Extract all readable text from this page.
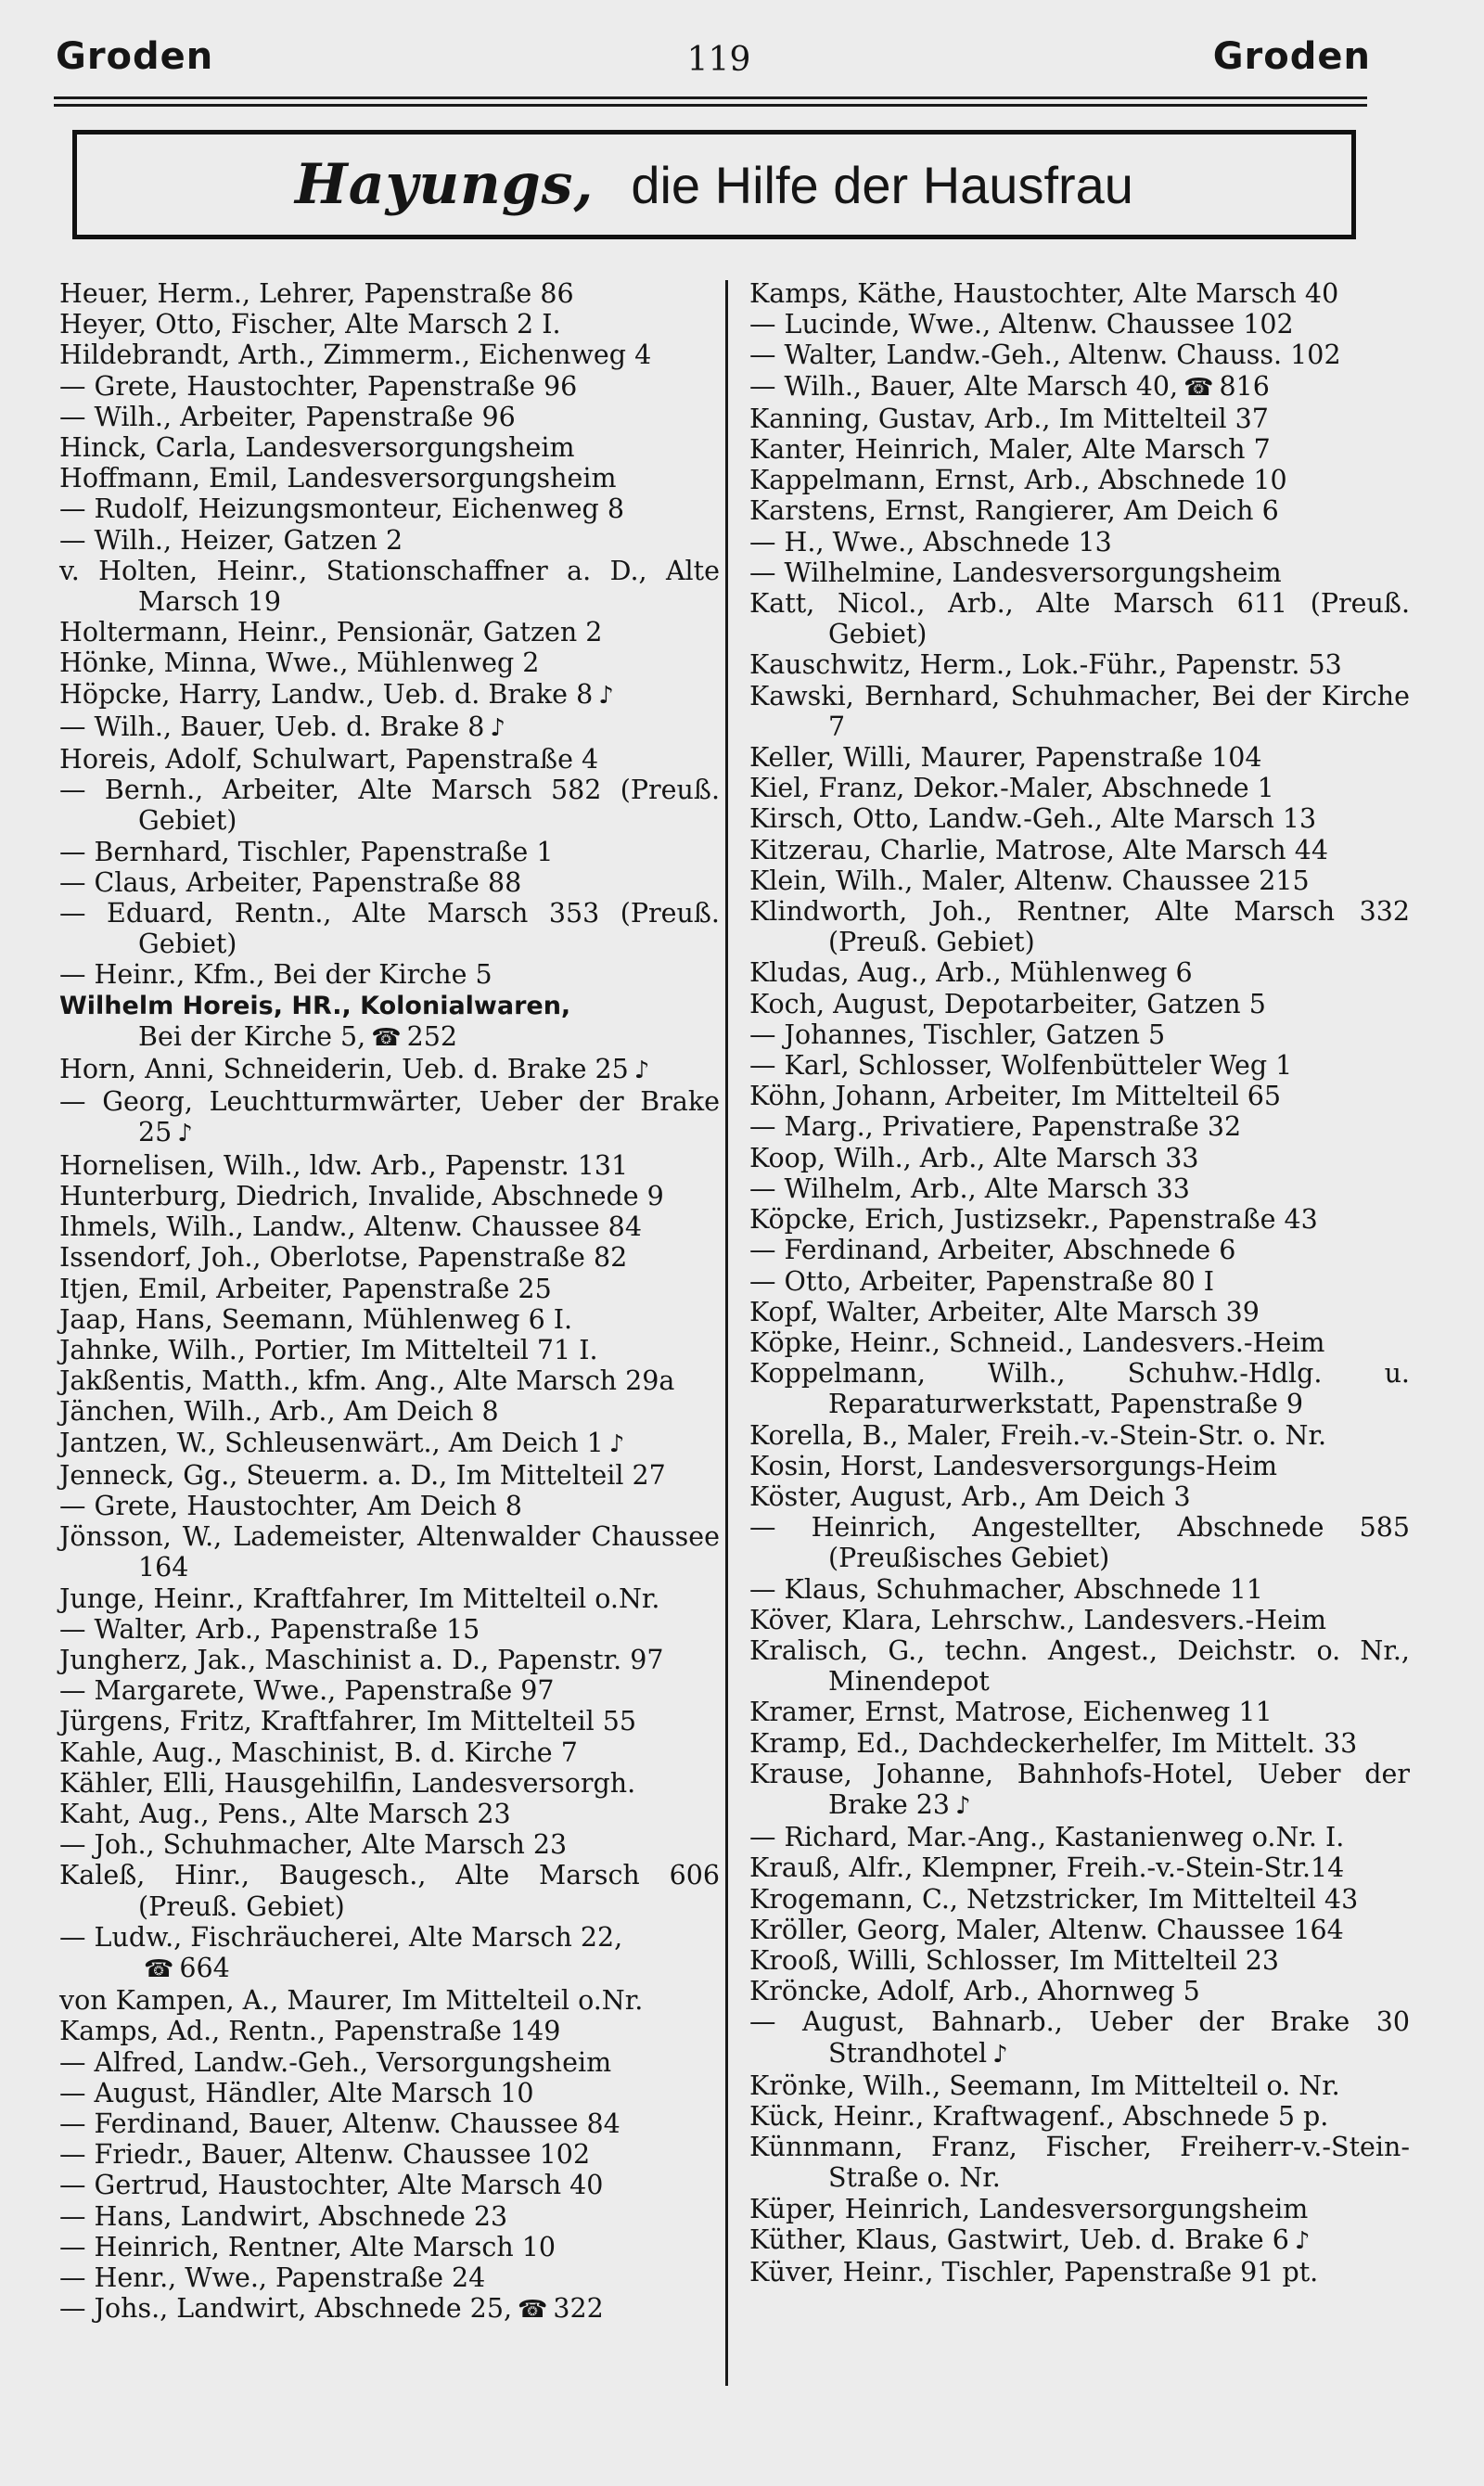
Groden	119	Groden
Hayungs, die Hilfe der Hausfrau
Heuer, Herm., Lehrer, Papenstraße 86
Heyer, Otto, Fischer, Alte Marsch 2 I.
Hildebrandt, Arth., Zimmerm., Eichenweg 4
— Grete, Haustochter, Papenstraße 96
— Wilh., Arbeiter, Papenstraße 96
Hinck, Carla, Landesversorgungsheim
Hoffmann, Emil, Landesversorgungsheim
— Rudolf, Heizungsmonteur, Eichenweg 8
— Wilh., Heizer, Gatzen 2
v. Holten, Heinr., Stationschaffner a. D., Alte Marsch 19
Holtermann, Heinr., Pensionär, Gatzen 2
Hönke, Minna, Wwe., Mühlenweg 2
Höpcke, Harry, Landw., Ueb. d. Brake 8 ♪
— Wilh., Bauer, Ueb. d. Brake 8 ♪
Horeis, Adolf, Schulwart, Papenstraße 4
— Bernh., Arbeiter, Alte Marsch 582 (Preuß. Gebiet)
— Bernhard, Tischler, Papenstraße 1
— Claus, Arbeiter, Papenstraße 88
— Eduard, Rentn., Alte Marsch 353 (Preuß. Gebiet)
— Heinr., Kfm., Bei der Kirche 5
Wilhelm Horeis, HR., Kolonialwaren,
Bei der Kirche 5, ☎ 252
Horn, Anni, Schneiderin, Ueb. d. Brake 25 ♪
— Georg, Leuchtturmwärter, Ueber der Brake 25 ♪
Hornelisen, Wilh., ldw. Arb., Papenstr. 131
Hunterburg, Diedrich, Invalide, Abschnede 9
Ihmels, Wilh., Landw., Altenw. Chaussee 84
Issendorf, Joh., Oberlotse, Papenstraße 82
Itjen, Emil, Arbeiter, Papenstraße 25
Jaap, Hans, Seemann, Mühlenweg 6 I.
Jahnke, Wilh., Portier, Im Mittelteil 71 I.
Jakßentis, Matth., kfm. Ang., Alte Marsch 29a
Jänchen, Wilh., Arb., Am Deich 8
Jantzen, W., Schleusenwärt., Am Deich 1 ♪
Jenneck, Gg., Steuerm. a. D., Im Mittelteil 27
— Grete, Haustochter, Am Deich 8
Jönsson, W., Lademeister, Altenwalder Chaussee 164
Junge, Heinr., Kraftfahrer, Im Mittelteil o.Nr.
— Walter, Arb., Papenstraße 15
Jungherz, Jak., Maschinist a. D., Papenstr. 97
— Margarete, Wwe., Papenstraße 97
Jürgens, Fritz, Kraftfahrer, Im Mittelteil 55
Kahle, Aug., Maschinist, B. d. Kirche 7
Kähler, Elli, Hausgehilfin, Landesversorgh.
Kaht, Aug., Pens., Alte Marsch 23
— Joh., Schuhmacher, Alte Marsch 23
Kaleß, Hinr., Baugesch., Alte Marsch 606 (Preuß. Gebiet)
— Ludw., Fischräucherei, Alte Marsch 22,
☎ 664
von Kampen, A., Maurer, Im Mittelteil o.Nr.
Kamps, Ad., Rentn., Papenstraße 149
— Alfred, Landw.-Geh., Versorgungsheim
— August, Händler, Alte Marsch 10
— Ferdinand, Bauer, Altenw. Chaussee 84
— Friedr., Bauer, Altenw. Chaussee 102
— Gertrud, Haustochter, Alte Marsch 40
— Hans, Landwirt, Abschnede 23
— Heinrich, Rentner, Alte Marsch 10
— Henr., Wwe., Papenstraße 24
— Johs., Landwirt, Abschnede 25, ☎ 322
Kamps, Käthe, Haustochter, Alte Marsch 40
— Lucinde, Wwe., Altenw. Chaussee 102
— Walter, Landw.-Geh., Altenw. Chauss. 102
— Wilh., Bauer, Alte Marsch 40, ☎ 816
Kanning, Gustav, Arb., Im Mittelteil 37
Kanter, Heinrich, Maler, Alte Marsch 7
Kappelmann, Ernst, Arb., Abschnede 10
Karstens, Ernst, Rangierer, Am Deich 6
— H., Wwe., Abschnede 13
— Wilhelmine, Landesversorgungsheim
Katt, Nicol., Arb., Alte Marsch 611 (Preuß. Gebiet)
Kauschwitz, Herm., Lok.-Führ., Papenstr. 53
Kawski, Bernhard, Schuhmacher, Bei der Kirche 7
Keller, Willi, Maurer, Papenstraße 104
Kiel, Franz, Dekor.-Maler, Abschnede 1
Kirsch, Otto, Landw.-Geh., Alte Marsch 13
Kitzerau, Charlie, Matrose, Alte Marsch 44
Klein, Wilh., Maler, Altenw. Chaussee 215
Klindworth, Joh., Rentner, Alte Marsch 332 (Preuß. Gebiet)
Kludas, Aug., Arb., Mühlenweg 6
Koch, August, Depotarbeiter, Gatzen 5
— Johannes, Tischler, Gatzen 5
— Karl, Schlosser, Wolfenbütteler Weg 1
Köhn, Johann, Arbeiter, Im Mittelteil 65
— Marg., Privatiere, Papenstraße 32
Koop, Wilh., Arb., Alte Marsch 33
— Wilhelm, Arb., Alte Marsch 33
Köpcke, Erich, Justizsekr., Papenstraße 43
— Ferdinand, Arbeiter, Abschnede 6
— Otto, Arbeiter, Papenstraße 80 I
Kopf, Walter, Arbeiter, Alte Marsch 39
Köpke, Heinr., Schneid., Landesvers.-Heim
Koppelmann, Wilh., Schuhw.-Hdlg. u. Reparaturwerkstatt, Papenstraße 9
Korella, B., Maler, Freih.-v.-Stein-Str. o. Nr.
Kosin, Horst, Landesversorgungs-Heim
Köster, August, Arb., Am Deich 3
— Heinrich, Angestellter, Abschnede 585 (Preußisches Gebiet)
— Klaus, Schuhmacher, Abschnede 11
Köver, Klara, Lehrschw., Landesvers.-Heim
Kralisch, G., techn. Angest., Deichstr. o. Nr., Minendepot
Kramer, Ernst, Matrose, Eichenweg 11
Kramp, Ed., Dachdeckerhelfer, Im Mittelt. 33
Krause, Johanne, Bahnhofs-Hotel, Ueber der Brake 23 ♪
— Richard, Mar.-Ang., Kastanienweg o.Nr. I.
Krauß, Alfr., Klempner, Freih.-v.-Stein-Str.14
Krogemann, C., Netzstricker, Im Mittelteil 43
Kröller, Georg, Maler, Altenw. Chaussee 164
Krooß, Willi, Schlosser, Im Mittelteil 23
Kröncke, Adolf, Arb., Ahornweg 5
— August, Bahnarb., Ueber der Brake 30 Strandhotel ♪
Krönke, Wilh., Seemann, Im Mittelteil o. Nr.
Kück, Heinr., Kraftwagenf., Abschnede 5 p.
Künnmann, Franz, Fischer, Freiherr-v.-Stein-Straße o. Nr.
Küper, Heinrich, Landesversorgungsheim
Küther, Klaus, Gastwirt, Ueb. d. Brake 6 ♪
Küver, Heinr., Tischler, Papenstraße 91 pt.
